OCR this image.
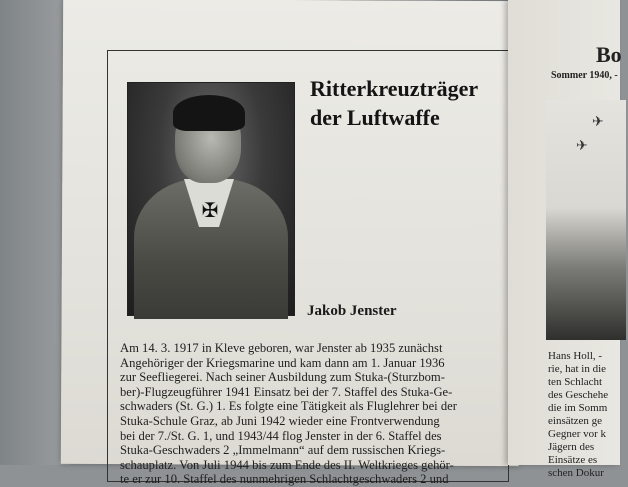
✠
Ritterkreuzträger
der Luftwaffe
Jakob Jenster

Am 14. 3. 1917 in Kleve geboren, war Jenster ab 1935 zunächst

Angehöriger der Kriegsmarine und kam dann am 1. Januar 1936

zur Seefliegerei. Nach seiner Ausbildung zum Stuka-(Sturzbom-

ber)-Flugzeugführer 1941 Einsatz bei der 7. Staffel des Stuka-Ge-

schwaders (St. G.) 1. Es folgte eine Tätigkeit als Fluglehrer bei der

Stuka-Schule Graz, ab Juni 1942 wieder eine Frontverwendung

bei der 7./St. G. 1, und 1943/44 flog Jenster in der 6. Staffel des

Stuka-Geschwaders 2 „Immelmann“ auf dem russischen Kriegs-

schauplatz. Von Juli 1944 bis zum Ende des II. Weltkrieges gehör-

te er zur 10. Staffel des nunmehrigen Schlachtgeschwaders 2 und

Bo
Sommer 1940, -
✈
✈
Hans Holl, -
rie, hat in die
ten Schlacht
des Geschehe
die im Somm
einsätzen ge
Gegner vor k
Jägern des
Einsätze es
schen Dokur
